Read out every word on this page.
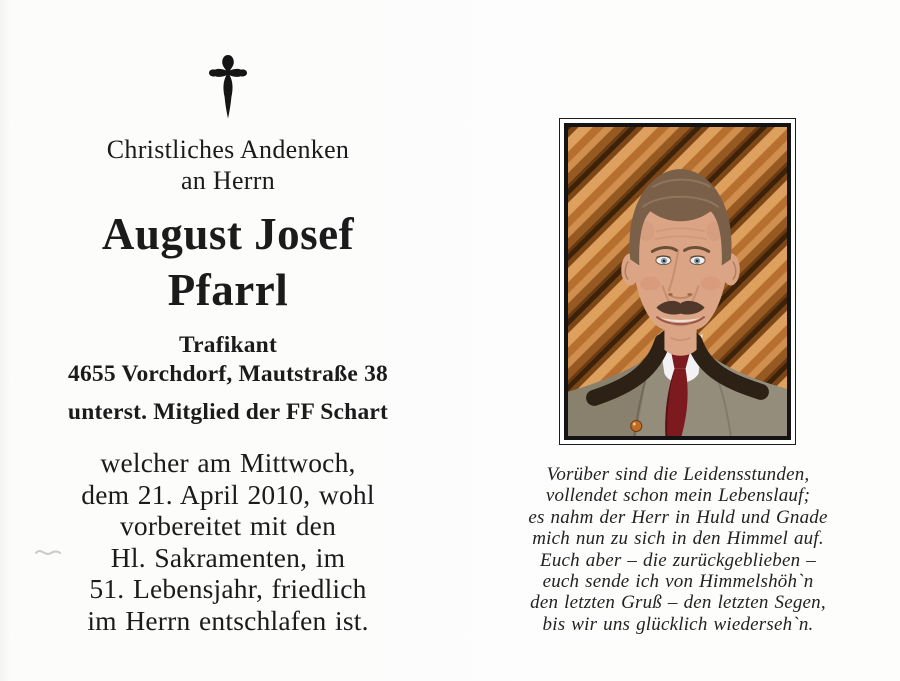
Christliches Andenken
an Herrn
August Josef
Pfarrl
Trafikant
4655 Vorchdorf, Mautstraße 38
unterst. Mitglied der FF Schart
welcher am Mittwoch,
dem 21. April 2010, wohl
vorbereitet mit den
Hl. Sakramenten, im
51. Lebensjahr, friedlich
im Herrn entschlafen ist.
Vorüber sind die Leidensstunden,
vollendet schon mein Lebenslauf;
es nahm der Herr in Huld und Gnade
mich nun zu sich in den Himmel auf.
Euch aber – die zurückgeblieben –
euch sende ich von Himmelshöh`n
den letzten Gruß – den letzten Segen,
bis wir uns glücklich wiederseh`n.
